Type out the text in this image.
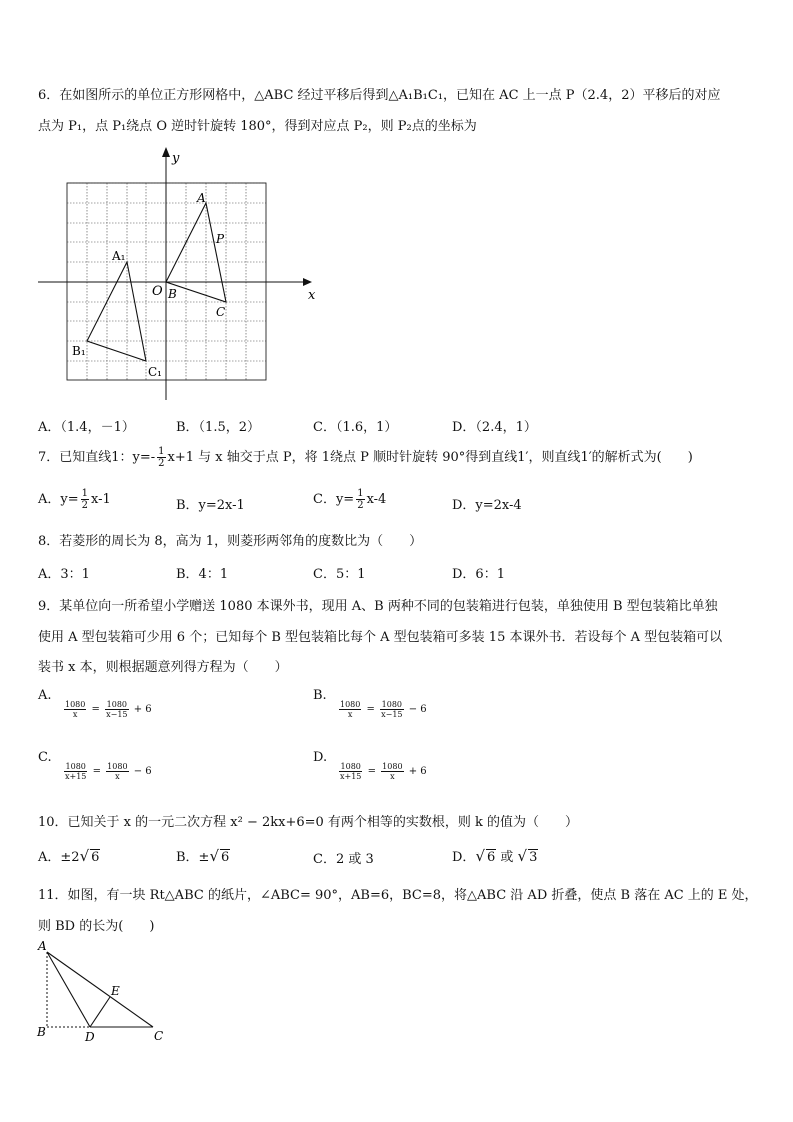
6．在如图所示的单位正方形网格中，△ABC 经过平移后得到△A₁B₁C₁，已知在 AC 上一点 P（2.4，2）平移后的对应
点为 P₁，点 P₁绕点 O 逆时针旋转 180°，得到对应点 P₂，则 P₂点的坐标为
y
x
O B
A
P
C
A₁
B₁
C₁
A．（1.4，－1）	B．（1.5，2）	C．（1.6，1）	D．（2.4，1）
7．已知直线1：$y=- \frac{1}{2} x+1$ 与 x 轴交于点 P，将 1绕点 P 顺时针旋转 90°得到直线1′，则直线1′的解析式为(　　)
A．$y= \frac{1}{2} x-1$	B．y=2x-1	C．$y= \frac{1}{2} x-4$	D．y=2x-4
8．若菱形的周长为 8，高为 1，则菱形两邻角的度数比为（　　）
A．3：1	B．4：1	C．5：1	D．6：1
9．某单位向一所希望小学赠送 1080 本课外书，现用 A、B 两种不同的包装箱进行包装，单独使用 B 型包装箱比单独
使用 A 型包装箱可少用 6 个；已知每个 B 型包装箱比每个 A 型包装箱可多装 15 本课外书．若设每个 A 型包装箱可以
装书 x 本，则根据题意列得方程为（　　）
A.
$\frac{1080}{x} = \frac{1080}{x-15} + 6$
B.
$\frac{1080}{x} = \frac{1080}{x-15} - 6$
C.
$\frac{1080}{x+15} = \frac{1080}{x} - 6$
D.
$\frac{1080}{x+15} = \frac{1080}{x} + 6$
10．已知关于 x 的一元二次方程 x² − 2kx+6=0 有两个相等的实数根，则 k 的值为（　　）
A．±2√ 6	B．±√ 6	C．2 或 3	D．√ 6 或 √ 3
11．如图，有一块 Rt△ABC 的纸片，∠ABC= 90°，AB=6，BC=8，将△ABC 沿 AD 折叠，使点 B 落在 AC 上的 E 处，
则 BD 的长为(　　)
A
B	D	C
E
